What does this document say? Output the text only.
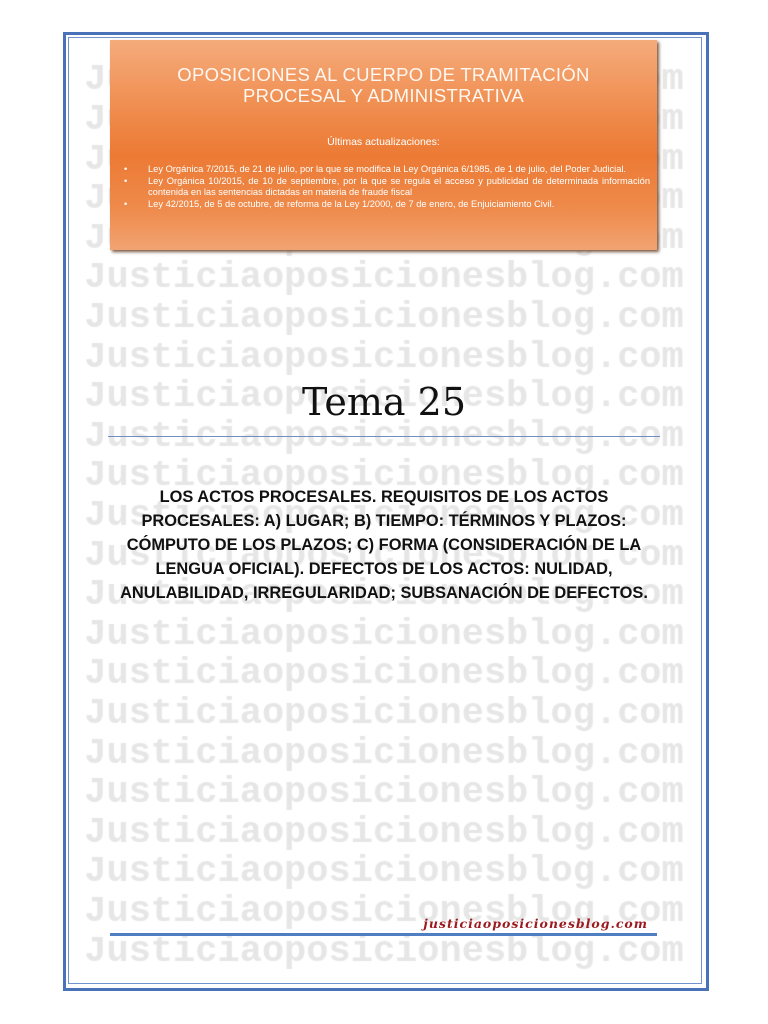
OPOSICIONES AL CUERPO DE TRAMITACIÓN
PROCESAL Y ADMINISTRATIVA
Últimas actualizaciones:
• Ley Orgánica 7/2015, de 21 de julio, por la que se modifica la Ley Orgánica 6/1985, de 1 de julio, del Poder Judicial.
• Ley Orgánica 10/2015, de 10 de septiembre, por la que se regula el acceso y publicidad de determinada información contenida en las sentencias dictadas en materia de fraude fiscal
• Ley 42/2015, de 5 de octubre, de reforma de la Ley 1/2000, de 7 de enero, de Enjuiciamiento Civil.
Tema 25
LOS ACTOS PROCESALES. REQUISITOS DE LOS ACTOS PROCESALES: A) LUGAR; B) TIEMPO: TÉRMINOS Y PLAZOS: CÓMPUTO DE LOS PLAZOS; C) FORMA (CONSIDERACIÓN DE LA LENGUA OFICIAL). DEFECTOS DE LOS ACTOS: NULIDAD, ANULABILIDAD, IRREGULARIDAD; SUBSANACIÓN DE DEFECTOS.
justiciaoposicionesblog.com
